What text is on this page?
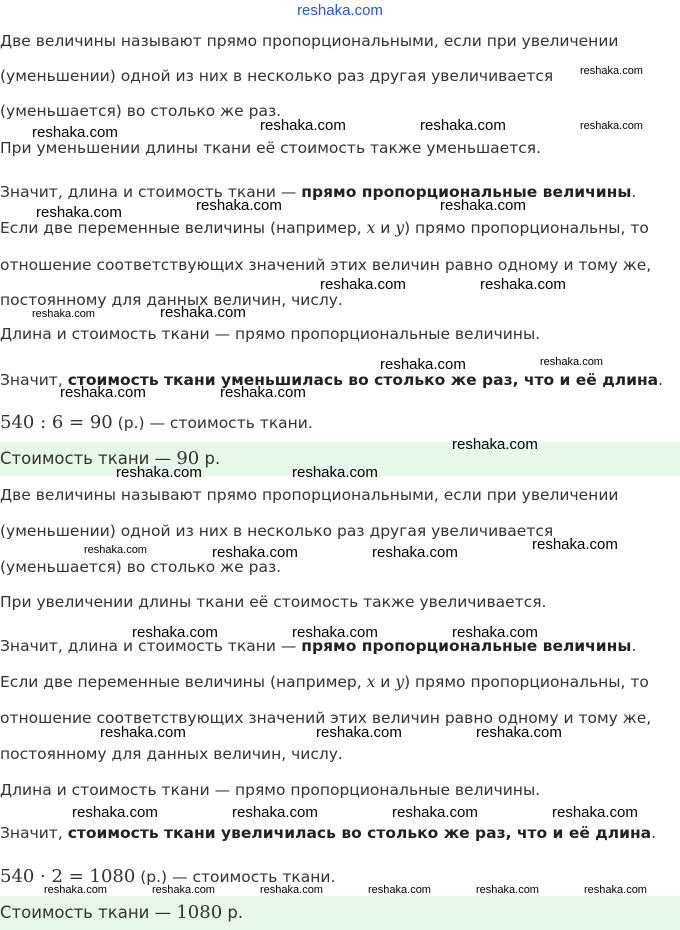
reshaka.com
Две величины называют прямо пропорциональными, если при увеличении
(уменьшении) одной из них в несколько раз другая увеличивается
(уменьшается) во столько же раз.
При уменьшении длины ткани её стоимость также уменьшается.
Значит, длина и стоимость ткани — прямо пропорциональные величины.
Если две переменные величины (например, x и y) прямо пропорциональны, то
отношение соответствующих значений этих величин равно одному и тому же,
постоянному для данных величин, числу.
Длина и стоимость ткани — прямо пропорциональные величины.
Значит, стоимость ткани уменьшилась во столько же раз, что и её длина.
540 : 6 = 90 (р.) — стоимость ткани.
Стоимость ткани — 90 р.
Две величины называют прямо пропорциональными, если при увеличении
(уменьшении) одной из них в несколько раз другая увеличивается
(уменьшается) во столько же раз.
При увеличении длины ткани её стоимость также увеличивается.
Значит, длина и стоимость ткани — прямо пропорциональные величины.
Если две переменные величины (например, x и y) прямо пропорциональны, то
отношение соответствующих значений этих величин равно одному и тому же,
постоянному для данных величин, числу.
Длина и стоимость ткани — прямо пропорциональные величины.
Значит, стоимость ткани увеличилась во столько же раз, что и её длина.
540 · 2 = 1080 (р.) — стоимость ткани.
Стоимость ткани — 1080 р.
reshaka.com
reshaka.com	reshaka.com	reshaka.com	reshaka.com
reshaka.com	reshaka.com	reshaka.com
reshaka.com	reshaka.com
reshaka.com	reshaka.com
reshaka.com	reshaka.com
reshaka.com	reshaka.com
reshaka.com
reshaka.com	reshaka.com
reshaka.com	reshaka.com	reshaka.com	reshaka.com
reshaka.com	reshaka.com	reshaka.com
reshaka.com	reshaka.com	reshaka.com
reshaka.com	reshaka.com	reshaka.com	reshaka.com
reshaka.com	reshaka.com	reshaka.com	reshaka.com	reshaka.com	reshaka.com
